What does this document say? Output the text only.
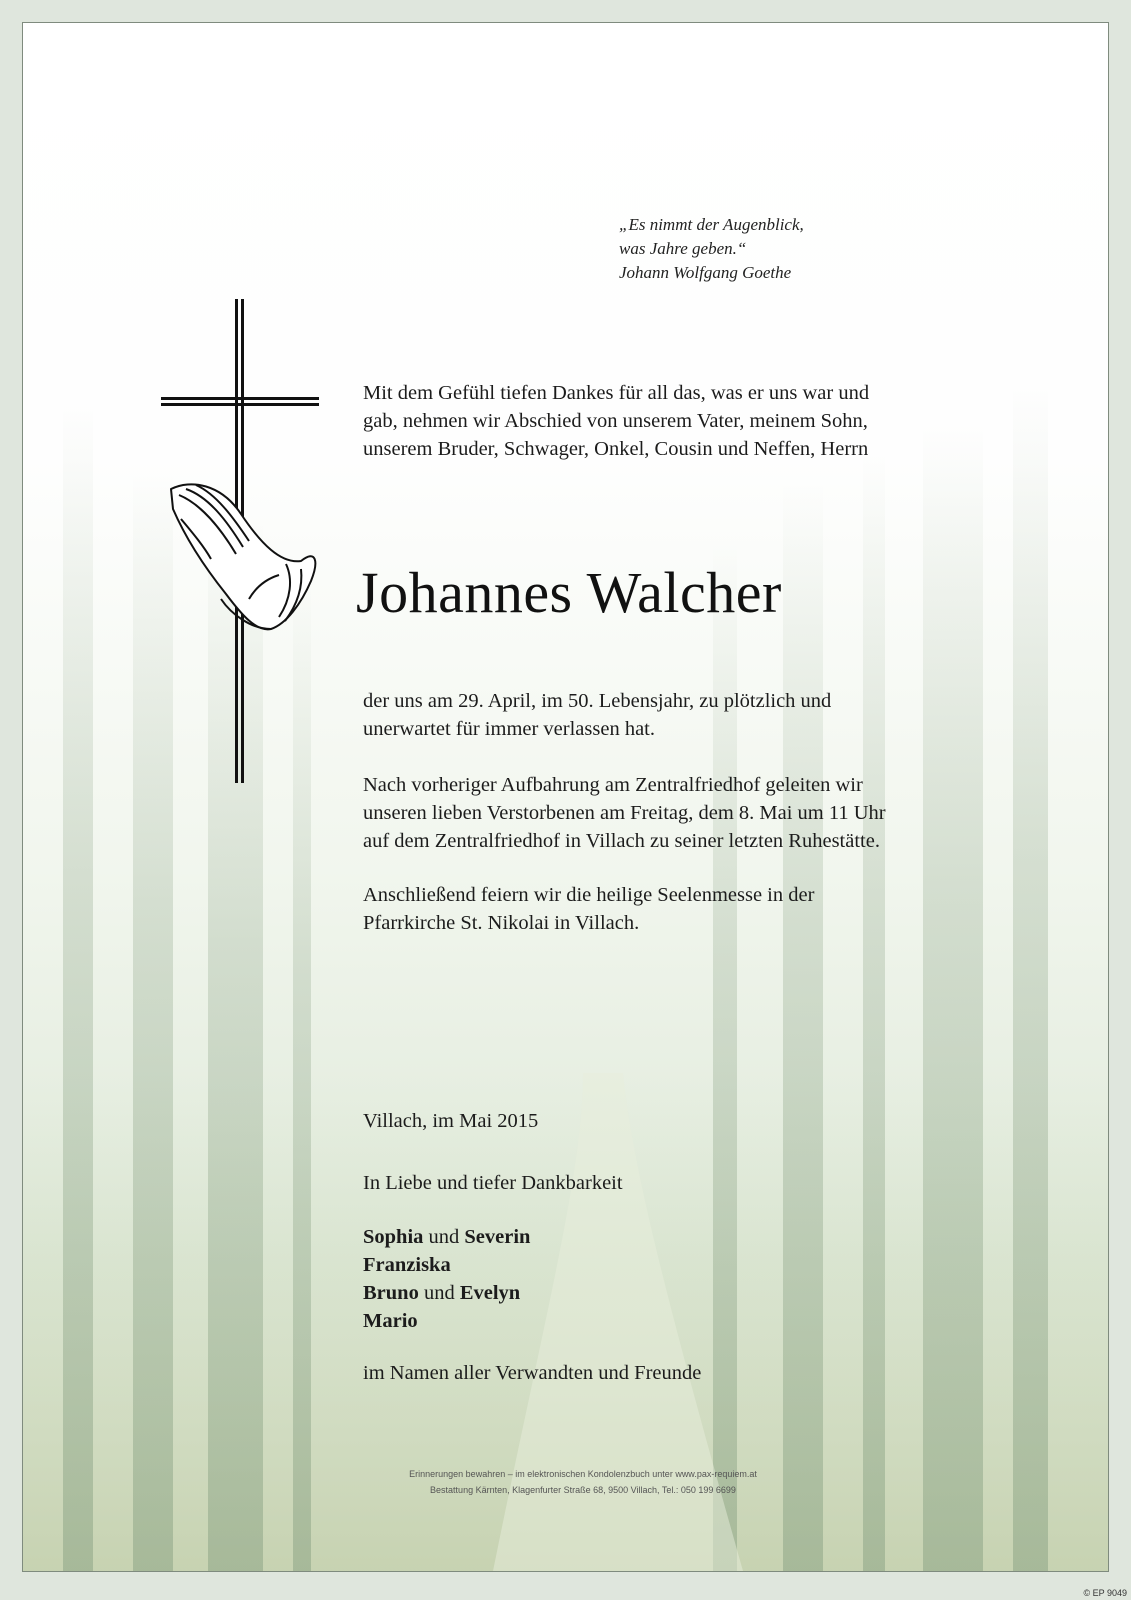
„Es nimmt der Augenblick,
was Jahre geben.“
Johann Wolfgang Goethe
Mit dem Gefühl tiefen Dankes für all das, was er uns war und
gab, nehmen wir Abschied von unserem Vater, meinem Sohn,
unserem Bruder, Schwager, Onkel, Cousin und Neffen, Herrn
Johannes Walcher
der uns am 29. April, im 50. Lebensjahr, zu plötzlich und
unerwartet für immer verlassen hat.
Nach vorheriger Aufbahrung am Zentralfriedhof geleiten wir
unseren lieben Verstorbenen am Freitag, dem 8. Mai um 11 Uhr
auf dem Zentralfriedhof in Villach zu seiner letzten Ruhestätte.
Anschließend feiern wir die heilige Seelenmesse in der
Pfarrkirche St. Nikolai in Villach.
Villach, im Mai 2015
In Liebe und tiefer Dankbarkeit
Sophia und Severin
Franziska
Bruno und Evelyn
Mario
im Namen aller Verwandten und Freunde
Erinnerungen bewahren – im elektronischen Kondolenzbuch unter www.pax-requiem.at
Bestattung Kärnten, Klagenfurter Straße 68, 9500 Villach, Tel.: 050 199 6699
© EP 9049
